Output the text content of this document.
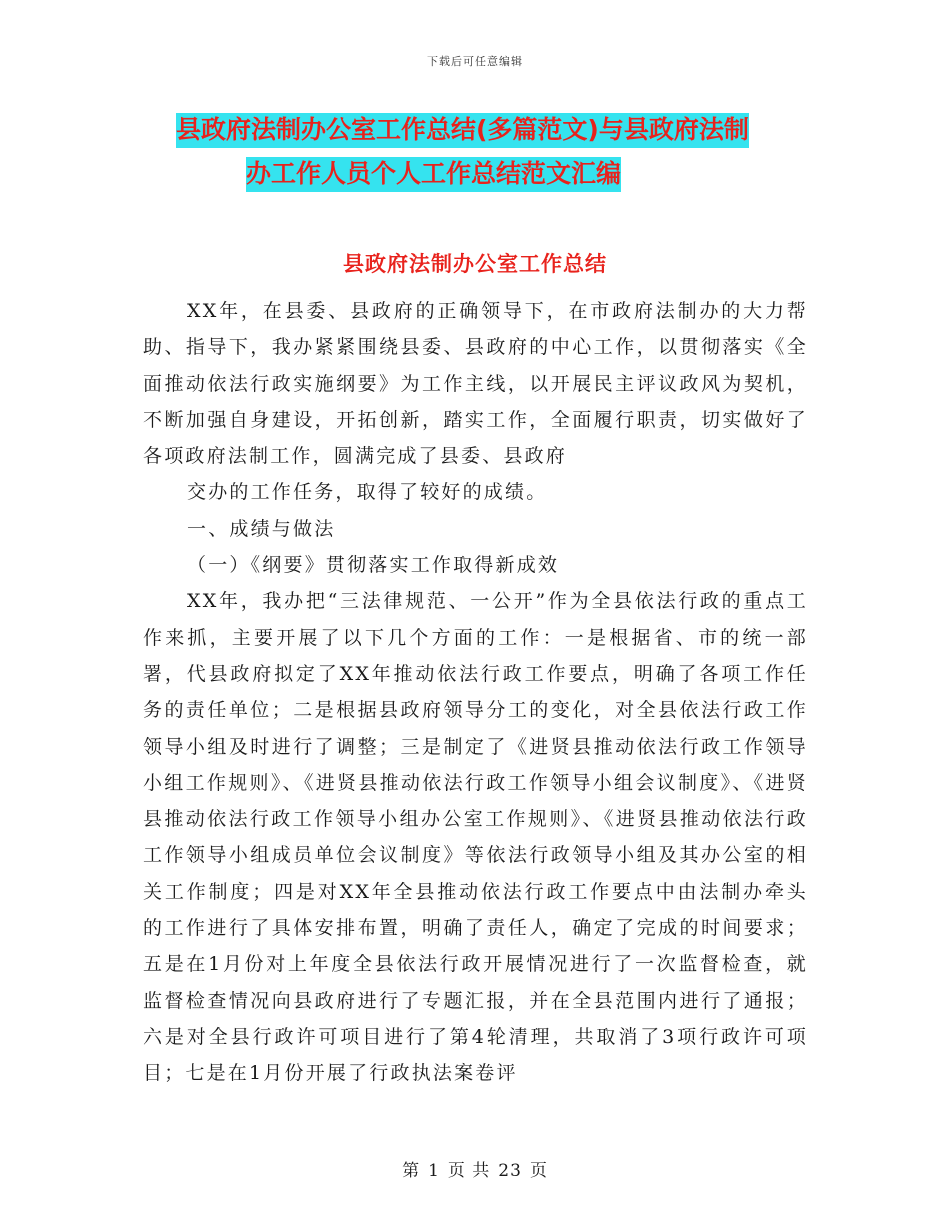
下载后可任意编辑
县政府法制办公室工作总结(多篇范文)与县政府法制
办工作人员个人工作总结范文汇编
县政府法制办公室工作总结

XX年，在县委、县政府的正确领导下，在市政府法制办的大力帮助、指导下，我办紧紧围绕县委、县政府的中心工作，以贯彻落实《全面推动依法行政实施纲要》为工作主线，以开展民主评议政风为契机，不断加强自身建设，开拓创新，踏实工作，全面履行职责，切实做好了各项政府法制工作，圆满完成了县委、县政府

交办的工作任务，取得了较好的成绩。

一、成绩与做法

（一）《纲要》贯彻落实工作取得新成效

XX年，我办把“三法律规范、一公开”作为全县依法行政的重点工作来抓，主要开展了以下几个方面的工作：一是根据省、市的统一部署，代县政府拟定了XX年推动依法行政工作要点，明确了各项工作任务的责任单位；二是根据县政府领导分工的变化，对全县依法行政工作领导小组及时进行了调整；三是制定了《进贤县推动依法行政工作领导小组工作规则》、《进贤县推动依法行政工作领导小组会议制度》、《进贤县推动依法行政工作领导小组办公室工作规则》、《进贤县推动依法行政工作领导小组成员单位会议制度》等依法行政领导小组及其办公室的相关工作制度；四是对XX年全县推动依法行政工作要点中由法制办牵头的工作进行了具体安排布置，明确了责任人，确定了完成的时间要求；五是在1月份对上年度全县依法行政开展情况进行了一次监督检查，就监督检查情况向县政府进行了专题汇报，并在全县范围内进行了通报；六是对全县行政许可项目进行了第4轮清理，共取消了3项行政许可项目；七是在1月份开展了行政执法案卷评

第 1 页 共 23 页
